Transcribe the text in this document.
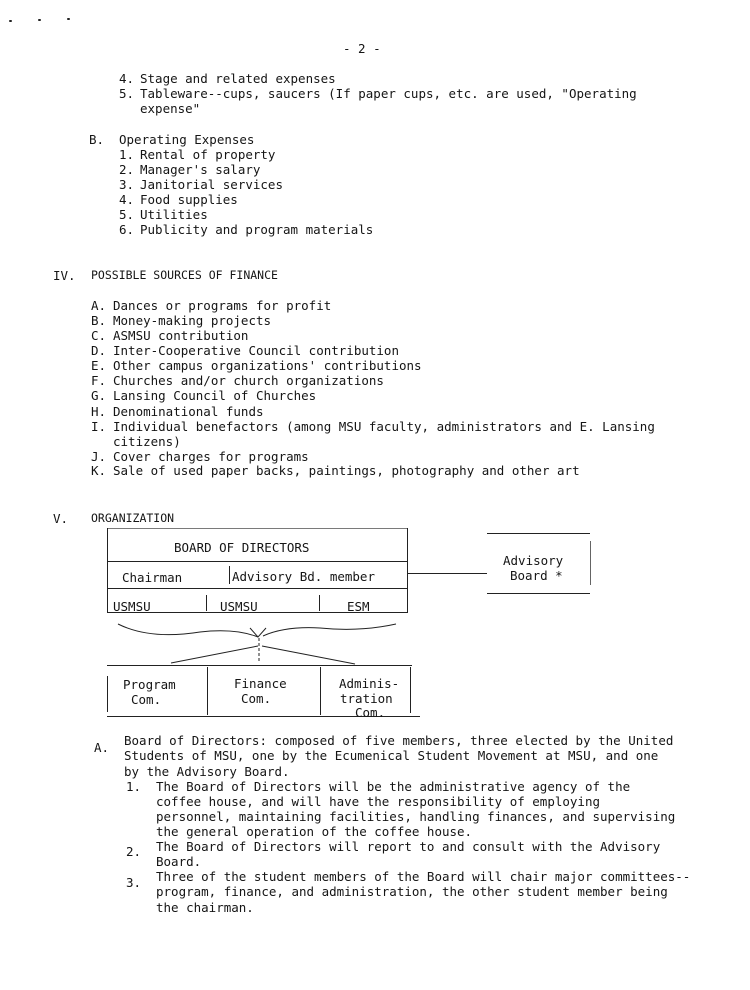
- 2 -
4. Stage and related expenses
5. Tableware--cups, saucers (If paper cups, etc. are used, "Operating
expense"
B. Operating Expenses
1. Rental of property
2. Manager's salary
3. Janitorial services
4. Food supplies
5. Utilities
6. Publicity and program materials
IV. POSSIBLE SOURCES OF FINANCE
A. Dances or programs for profit
B. Money-making projects
C. ASMSU contribution
D. Inter-Cooperative Council contribution
E. Other campus organizations' contributions
F. Churches and/or church organizations
G. Lansing Council of Churches
H. Denominational funds
I. Individual benefactors (among MSU faculty, administrators and E. Lansing
citizens)
J. Cover charges for programs
K. Sale of used paper backs, paintings, photography and other art
V. ORGANIZATION
BOARD OF DIRECTORS
Chairman	Advisory Bd. member
USMSU	USMSU	ESM
Advisory
Board *
Program
Com.
Finance
Com.
Adminis-
tration
Com.
A. Board of Directors: composed of five members, three elected by the United
Students of MSU, one by the Ecumenical Student Movement at MSU, and one
by the Advisory Board.
1. The Board of Directors will be the administrative agency of the
coffee house, and will have the responsibility of employing
personnel, maintaining facilities, handling finances, and supervising
the general operation of the coffee house.
2. The Board of Directors will report to and consult with the Advisory
Board.
3. Three of the student members of the Board will chair major committees--
program, finance, and administration, the other student member being
the chairman.
